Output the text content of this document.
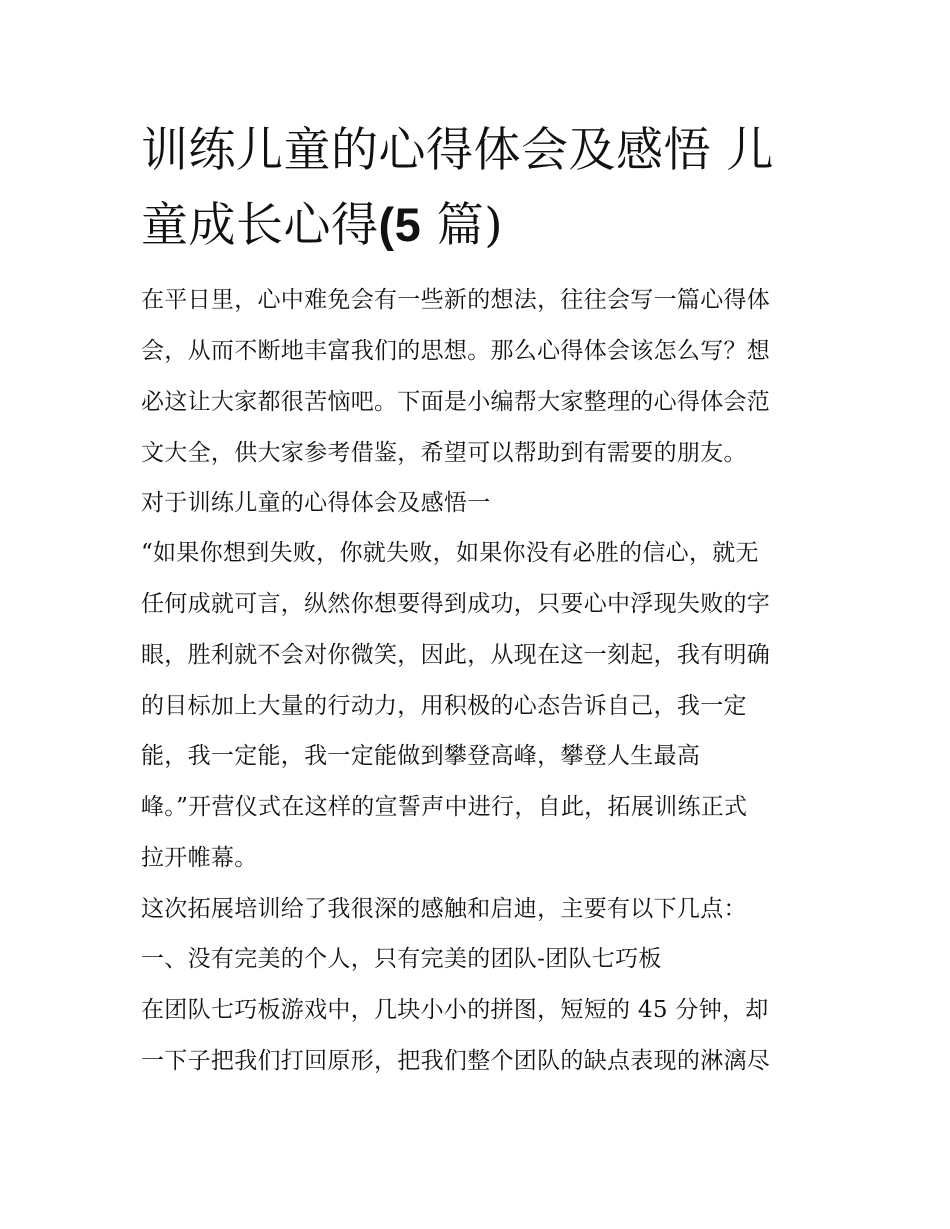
训练儿童的心得体会及感悟 儿
童成长心得(5 篇)

在平日里，心中难免会有一些新的想法，往往会写一篇心得体

会，从而不断地丰富我们的思想。那么心得体会该怎么写？想

必这让大家都很苦恼吧。下面是小编帮大家整理的心得体会范

文大全，供大家参考借鉴，希望可以帮助到有需要的朋友。

对于训练儿童的心得体会及感悟一

“如果你想到失败，你就失败，如果你没有必胜的信心，就无

任何成就可言，纵然你想要得到成功，只要心中浮现失败的字

眼，胜利就不会对你微笑，因此，从现在这一刻起，我有明确

的目标加上大量的行动力，用积极的心态告诉自己，我一定

能，我一定能，我一定能做到攀登高峰，攀登人生最高

峰。”开营仪式在这样的宣誓声中进行，自此，拓展训练正式

拉开帷幕。

这次拓展培训给了我很深的感触和启迪，主要有以下几点：

一、没有完美的个人，只有完美的团队-团队七巧板

在团队七巧板游戏中，几块小小的拼图，短短的 45 分钟，却

一下子把我们打回原形，把我们整个团队的缺点表现的淋漓尽
